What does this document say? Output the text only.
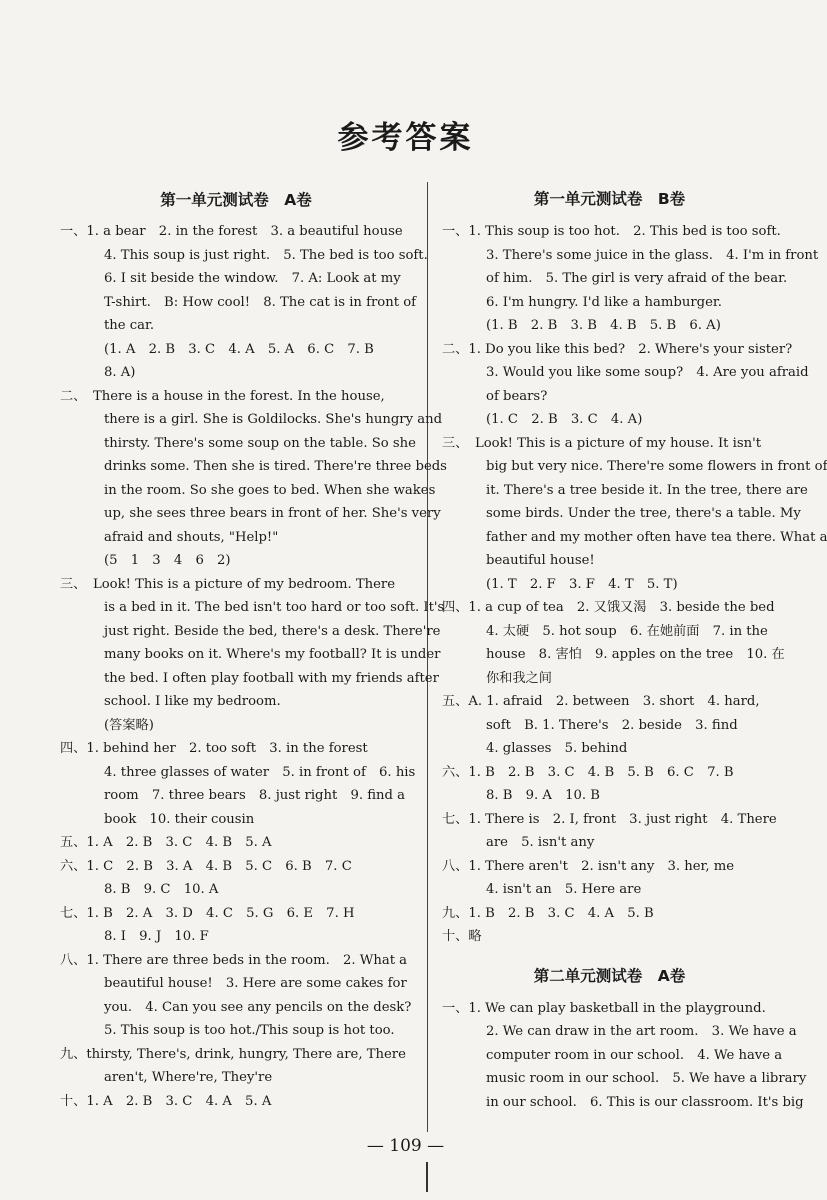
参考答案
第一单元测试卷　A卷
一、1. a bear　2. in the forest　3. a beautiful house
4. This soup is just right.　5. The bed is too soft.
6. I sit beside the window.　7. A: Look at my
T-shirt.　B: How cool!　8. The cat is in front of
the car.
(1. A　2. B　3. C　4. A　5. A　6. C　7. B
8. A)
二、　There is a house in the forest. In the house,
there is a girl. She is Goldilocks. She's hungry and
thirsty. There's some soup on the table. So she
drinks some. Then she is tired. There're three beds
in the room. So she goes to bed. When she wakes
up, she sees three bears in front of her. She's very
afraid and shouts, "Help!"
(5　1　3　4　6　2)
三、　Look! This is a picture of my bedroom. There
is a bed in it. The bed isn't too hard or too soft. It's
just right. Beside the bed, there's a desk. There're
many books on it. Where's my football? It is under
the bed. I often play football with my friends after
school. I like my bedroom.
(答案略)
四、1. behind her　2. too soft　3. in the forest
4. three glasses of water　5. in front of　6. his
room　7. three bears　8. just right　9. find a
book　10. their cousin
五、1. A　2. B　3. C　4. B　5. A
六、1. C　2. B　3. A　4. B　5. C　6. B　7. C
8. B　9. C　10. A
七、1. B　2. A　3. D　4. C　5. G　6. E　7. H
8. I　9. J　10. F
八、1. There are three beds in the room.　2. What a
beautiful house!　3. Here are some cakes for
you.　4. Can you see any pencils on the desk?
5. This soup is too hot./This soup is hot too.
九、thirsty, There's, drink, hungry, There are, There
aren't, Where're, They're
十、1. A　2. B　3. C　4. A　5. A
第一单元测试卷　B卷
一、1. This soup is too hot.　2. This bed is too soft.
3. There's some juice in the glass.　4. I'm in front
of him.　5. The girl is very afraid of the bear.
6. I'm hungry. I'd like a hamburger.
(1. B　2. B　3. B　4. B　5. B　6. A)
二、1. Do you like this bed?　2. Where's your sister?
3. Would you like some soup?　4. Are you afraid
of bears?
(1. C　2. B　3. C　4. A)
三、　Look! This is a picture of my house. It isn't
big but very nice. There're some flowers in front of
it. There's a tree beside it. In the tree, there are
some birds. Under the tree, there's a table. My
father and my mother often have tea there. What a
beautiful house!
(1. T　2. F　3. F　4. T　5. T)
四、1. a cup of tea　2. 又饿又渴　3. beside the bed
4. 太硬　5. hot soup　6. 在她前面　7. in the
house　8. 害怕　9. apples on the tree　10. 在
你和我之间
五、A. 1. afraid　2. between　3. short　4. hard,
soft　B. 1. There's　2. beside　3. find
4. glasses　5. behind
六、1. B　2. B　3. C　4. B　5. B　6. C　7. B
8. B　9. A　10. B
七、1. There is　2. I, front　3. just right　4. There
are　5. isn't any
八、1. There aren't　2. isn't any　3. her, me
4. isn't an　5. Here are
九、1. B　2. B　3. C　4. A　5. B
十、略
第二单元测试卷　A卷
一、1. We can play basketball in the playground.
2. We can draw in the art room.　3. We have a
computer room in our school.　4. We have a
music room in our school.　5. We have a library
in our school.　6. This is our classroom. It's big
— 109 —
